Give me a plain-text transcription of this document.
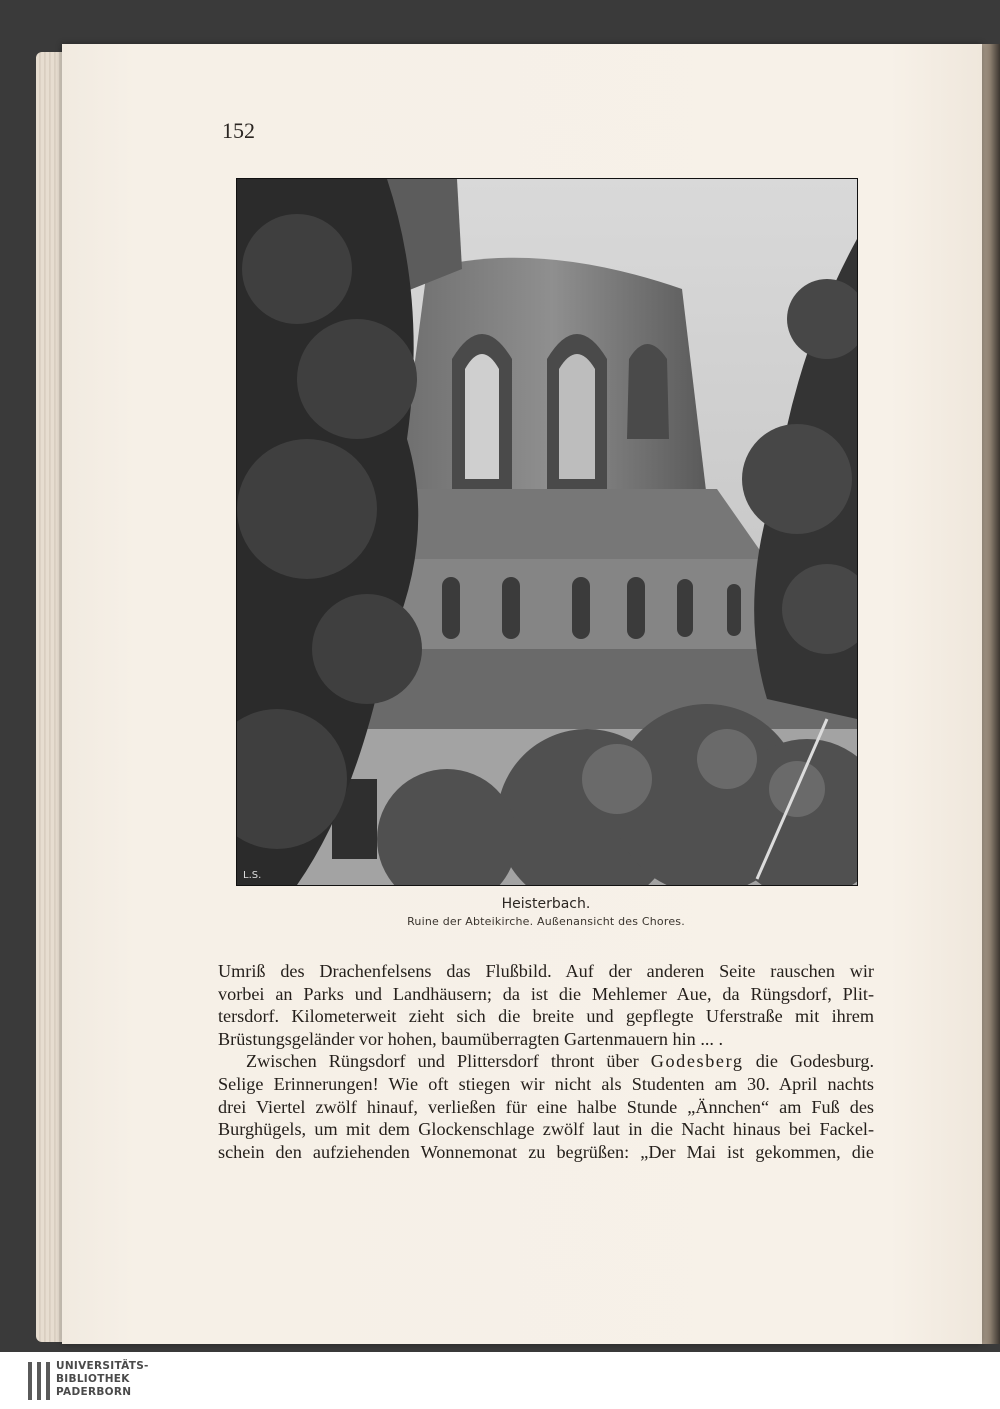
152
L.S.
Heisterbach.
Ruine der Abteikirche. Außenansicht des Chores.
Umriß des Drachenfelsens das Flußbild. Auf der anderen Seite rauschen wir
vorbei an Parks und Landhäusern; da ist die Mehlemer Aue, da Rüngsdorf, Plit-
tersdorf. Kilometerweit zieht sich die breite und gepflegte Uferstraße mit ihrem
Brüstungsgeländer vor hohen, baumüberragten Gartenmauern hin ... .
Zwischen Rüngsdorf und Plittersdorf thront über Godesberg die Godesburg.
Selige Erinnerungen! Wie oft stiegen wir nicht als Studenten am 30. April nachts
drei Viertel zwölf hinauf, verließen für eine halbe Stunde „Ännchen“ am Fuß des
Burghügels, um mit dem Glockenschlage zwölf laut in die Nacht hinaus bei Fackel-
schein den aufziehenden Wonnemonat zu begrüßen: „Der Mai ist gekommen, die
UNIVERSITÄTS-
BIBLIOTHEK
PADERBORN
